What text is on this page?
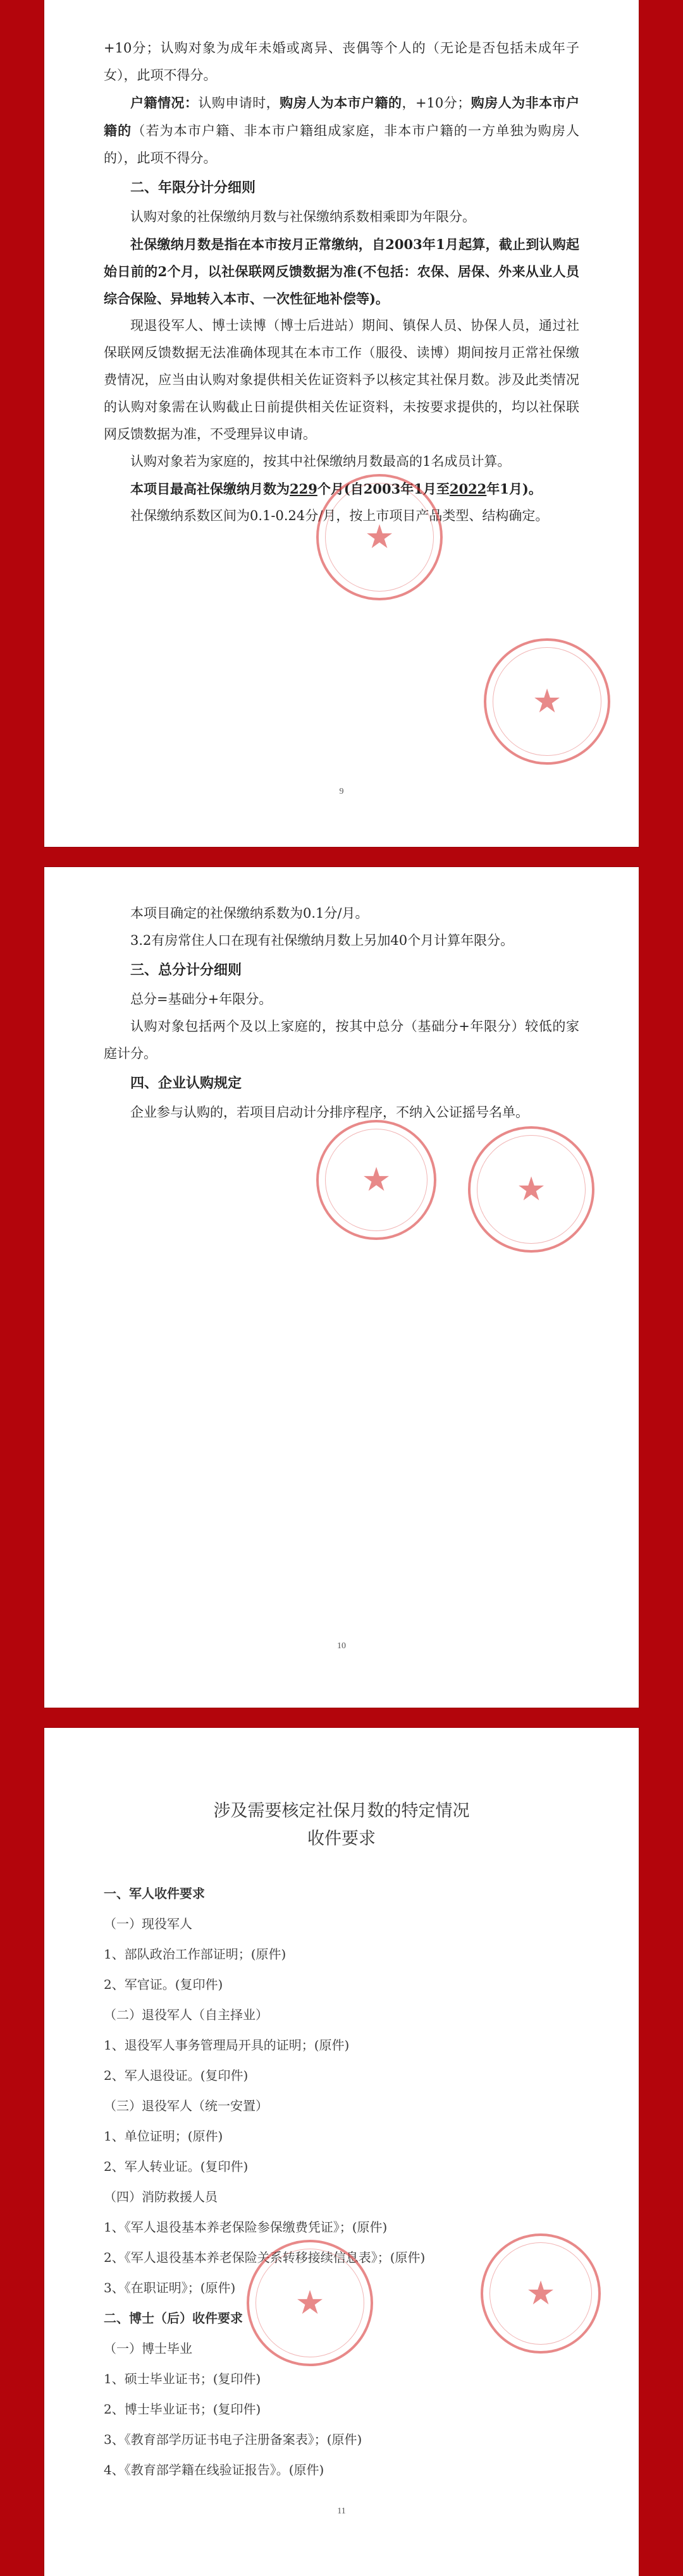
+10分；认购对象为成年未婚或离异、丧偶等个人的（无论是否包括未成年子女），此项不得分。

户籍情况：认购申请时，购房人为本市户籍的，+10分；购房人为非本市户籍的（若为本市户籍、非本市户籍组成家庭，非本市户籍的一方单独为购房人的），此项不得分。

二、年限分计分细则

认购对象的社保缴纳月数与社保缴纳系数相乘即为年限分。

社保缴纳月数是指在本市按月正常缴纳，自2003年1月起算，截止到认购起始日前的2个月，以社保联网反馈数据为准(不包括：农保、居保、外来从业人员综合保险、异地转入本市、一次性征地补偿等)。

现退役军人、博士读博（博士后进站）期间、镇保人员、协保人员，通过社保联网反馈数据无法准确体现其在本市工作（服役、读博）期间按月正常社保缴费情况，应当由认购对象提供相关佐证资料予以核定其社保月数。涉及此类情况的认购对象需在认购截止日前提供相关佐证资料，未按要求提供的，均以社保联网反馈数据为准，不受理异议申请。

认购对象若为家庭的，按其中社保缴纳月数最高的1名成员计算。

本项目最高社保缴纳月数为229个月(自2003年1月至2022年1月)。

社保缴纳系数区间为0.1-0.24分/月，按上市项目产品类型、结构确定。

9
★
★

本项目确定的社保缴纳系数为0.1分/月。

3.2有房常住人口在现有社保缴纳月数上另加40个月计算年限分。

三、总分计分细则

总分=基础分+年限分。

认购对象包括两个及以上家庭的，按其中总分（基础分+年限分）较低的家庭计分。

四、企业认购规定

企业参与认购的，若项目启动计分排序程序，不纳入公证摇号名单。

10
★	★

涉及需要核定社保月数的特定情况

收件要求

一、军人收件要求

（一）现役军人

1、部队政治工作部证明；(原件)

2、军官证。(复印件)

（二）退役军人（自主择业）

1、退役军人事务管理局开具的证明；(原件)

2、军人退役证。(复印件)

（三）退役军人（统一安置）

1、单位证明；(原件)

2、军人转业证。(复印件)

（四）消防救援人员

1、《军人退役基本养老保险参保缴费凭证》；(原件)

2、《军人退役基本养老保险关系转移接续信息表》；(原件)

3、《在职证明》；(原件)

二、博士（后）收件要求

（一）博士毕业

1、硕士毕业证书；(复印件)

2、博士毕业证书；(复印件)

3、《教育部学历证书电子注册备案表》；(原件)

4、《教育部学籍在线验证报告》。(原件)

11
★	★
